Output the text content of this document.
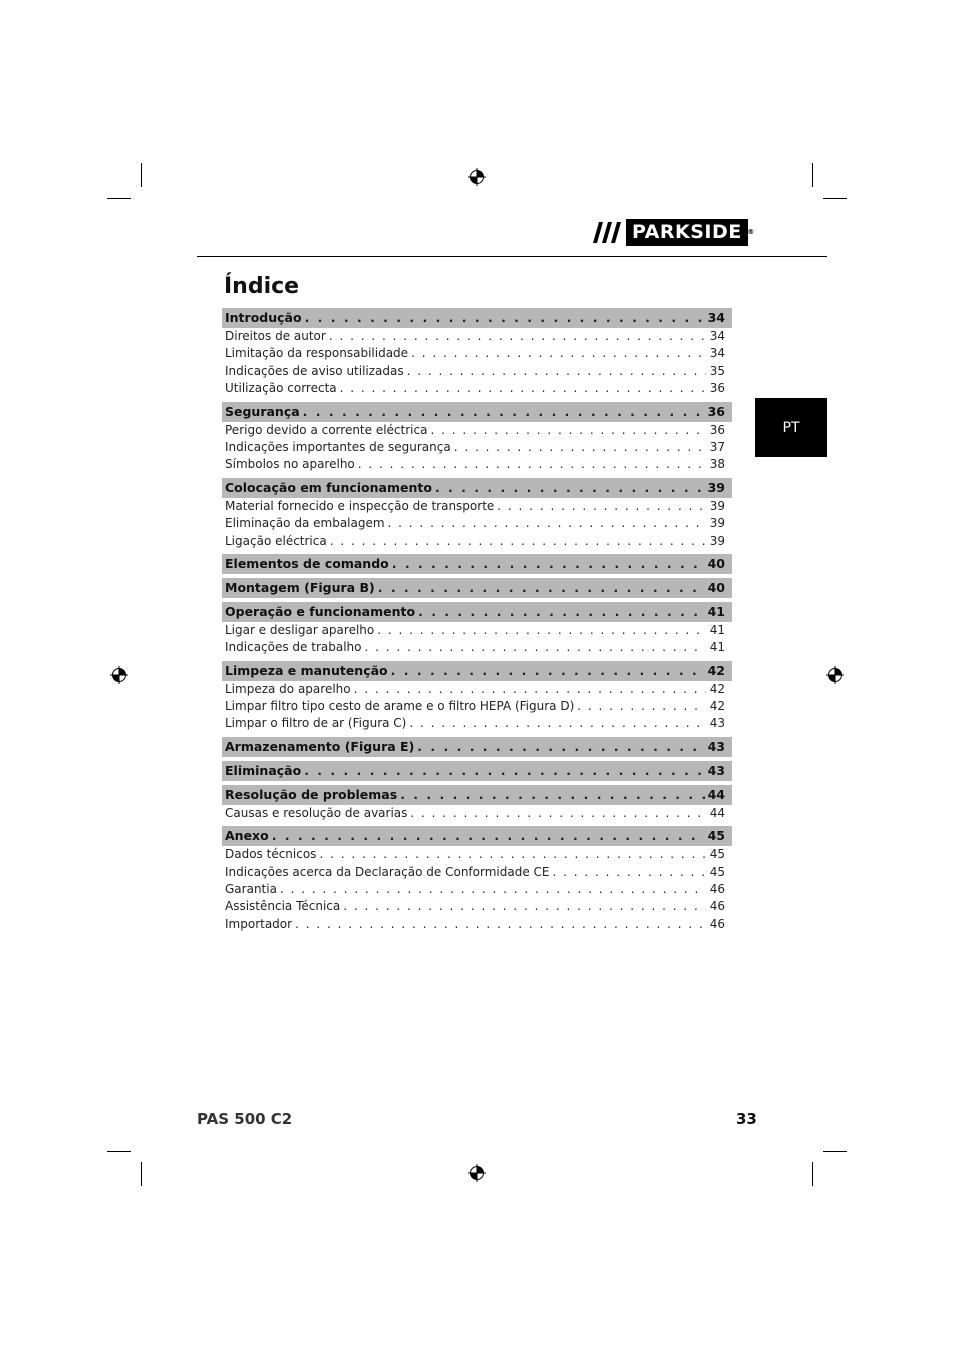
PARKSIDE ®
PT
Índice
Introdução . . .	34
Direitos de autor . . .	34
Limitação da responsabilidade . . .	34
Indicações de aviso utilizadas . . .	35
Utilização correcta . . .	36
Segurança . . .	36
Perigo devido a corrente eléctrica . . .	36
Indicações importantes de segurança . . .	37
Símbolos no aparelho . . .	38
Colocação em funcionamento . . .	39
Material fornecido e inspecção de transporte . . .	39
Eliminação da embalagem . . .	39
Ligação eléctrica . . .	39
Elementos de comando . . .	40
Montagem (Figura B) . . .	40
Operação e funcionamento . . .	41
Ligar e desligar aparelho . . .	41
Indicações de trabalho . . .	41
Limpeza e manutenção . . .	42
Limpeza do aparelho . . .	42
Limpar filtro tipo cesto de arame e o filtro HEPA (Figura D) . . .	42
Limpar o filtro de ar (Figura C) . . .	43
Armazenamento (Figura E) . . .	43
Eliminação . . .	43
Resolução de problemas . . .	44
Causas e resolução de avarias . . .	44
Anexo . . .	45
Dados técnicos . . .	45
Indicações acerca da Declaração de Conformidade CE . . .	45
Garantia . . .	46
Assistência Técnica . . .	46
Importador . . .	46
PAS 500 C2	33
